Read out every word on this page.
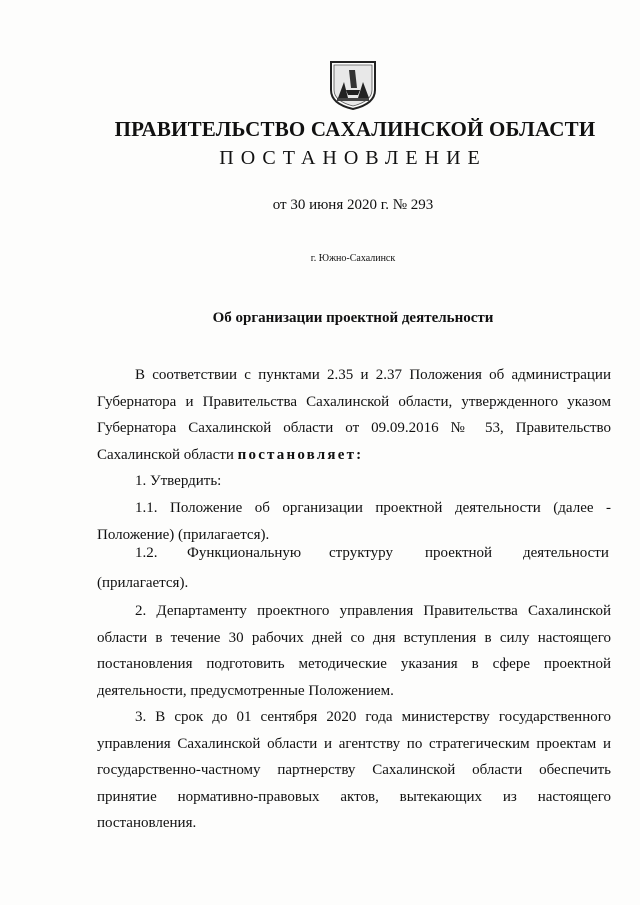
ПРАВИТЕЛЬСТВО САХАЛИНСКОЙ ОБЛАСТИ
ПОСТАНОВЛЕНИЕ
от 30 июня 2020 г. № 293
г. Южно-Сахалинск
Об организации проектной деятельности

В соответствии с пунктами 2.35 и 2.37 Положения об администрации Губернатора и Правительства Сахалинской области, утвержденного указом Губернатора Сахалинской области от 09.09.2016 № 53, Правительство Сахалинской области постановляет:

1. Утвердить:

1.1. Положение об организации проектной деятельности (далее - Положение) (прилагается).

1.2. Функциональную структуру проектной деятельности

(прилагается).

2. Департаменту проектного управления Правительства Сахалинской области в течение 30 рабочих дней со дня вступления в силу настоящего постановления подготовить методические указания в сфере проектной деятельности, предусмотренные Положением.

3. В срок до 01 сентября 2020 года министерству государственного управления Сахалинской области и агентству по стратегическим проектам и государственно-частному партнерству Сахалинской области обеспечить принятие нормативно-правовых актов, вытекающих из настоящего постановления.
